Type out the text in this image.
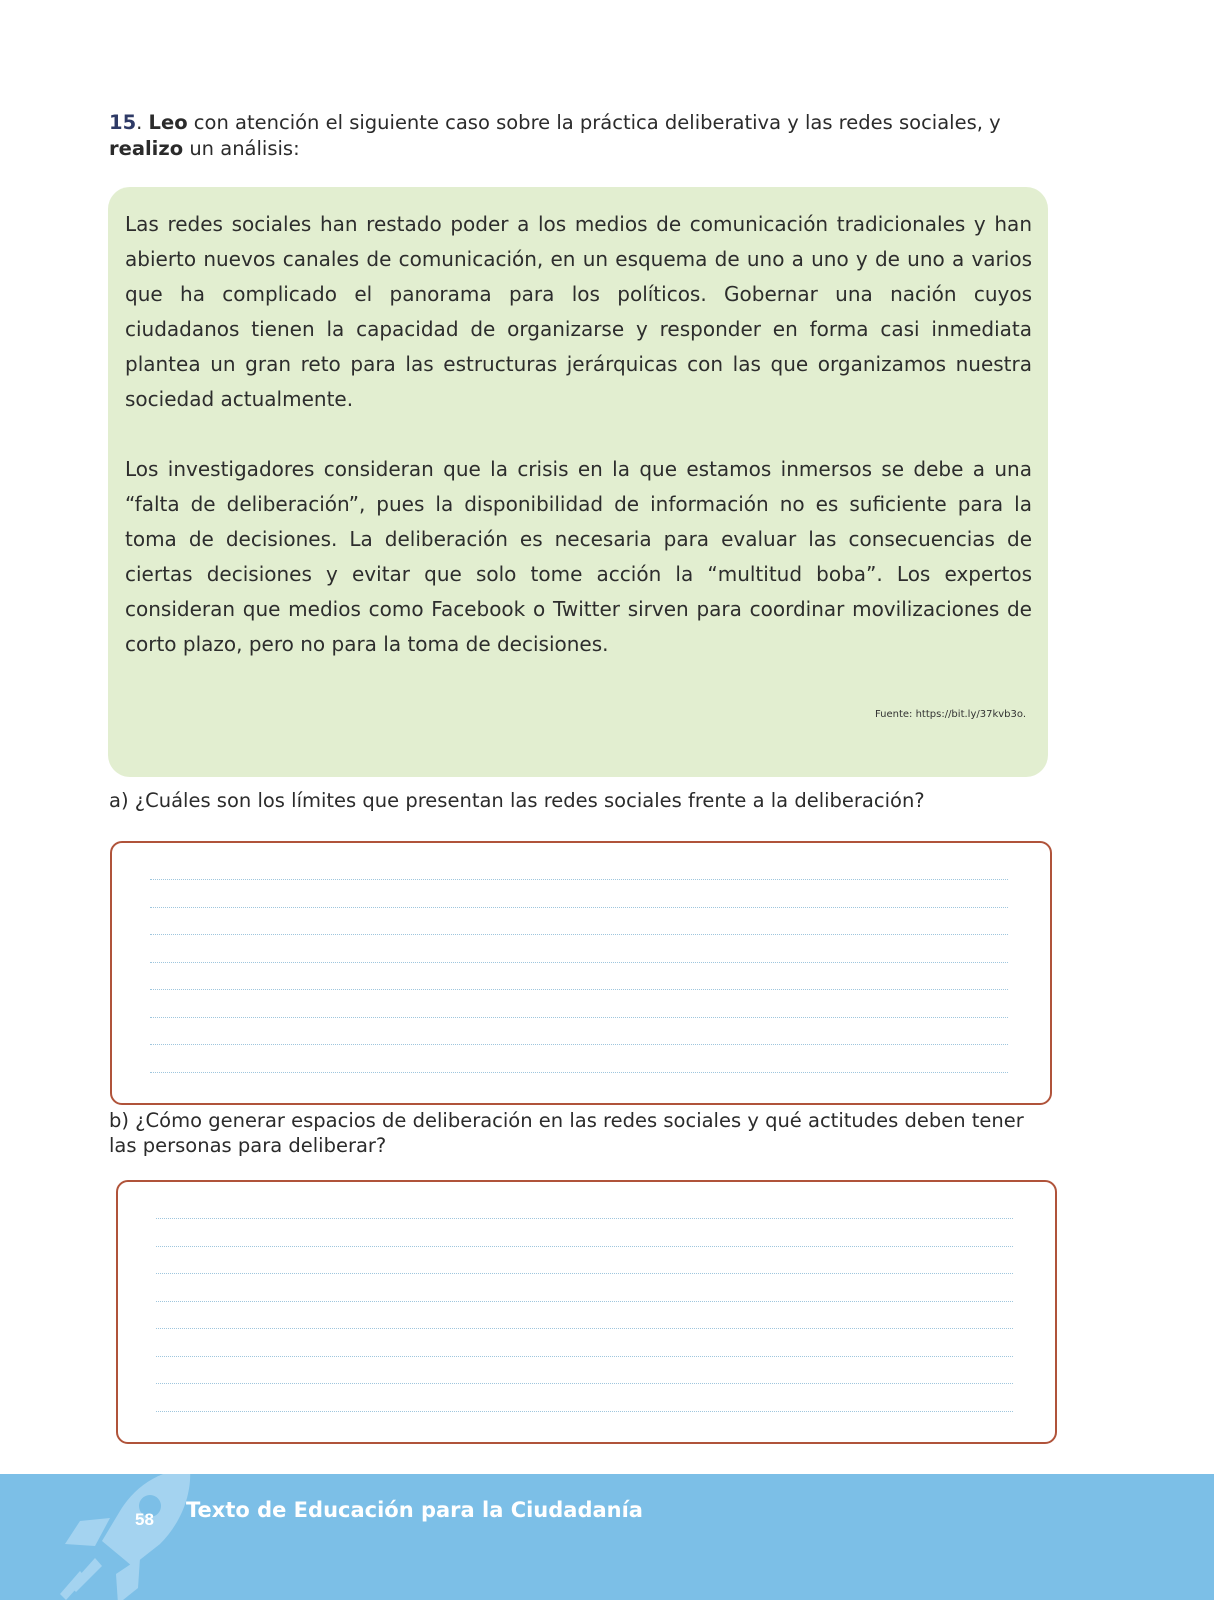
15. Leo con atención el siguiente caso sobre la práctica deliberativa y las redes sociales, y realizo un análisis:

Las redes sociales han restado poder a los medios de comunicación tradicionales y han abierto nuevos canales de comunicación, en un esquema de uno a uno y de uno a varios que ha complicado el panorama para los políticos. Gobernar una nación cuyos ciudadanos tienen la capacidad de organizarse y responder en forma casi inmediata plantea un gran reto para las estructuras jerárquicas con las que organizamos nuestra sociedad actualmente.

Los investigadores consideran que la crisis en la que estamos inmersos se debe a una “falta de deliberación”, pues la disponibilidad de información no es suficiente para la toma de decisiones. La deliberación es necesaria para evaluar las consecuencias de ciertas decisiones y evitar que solo tome acción la “multitud boba”. Los expertos consideran que medios como Facebook o Twitter sirven para coordinar movilizaciones de corto plazo, pero no para la toma de decisiones.

Fuente: https://bit.ly/37kvb3o.

a) ¿Cuáles son los límites que presentan las redes sociales frente a la deliberación?

b) ¿Cómo generar espacios de deliberación en las redes sociales y qué actitudes deben tener las personas para deliberar?

58 Texto de Educación para la Ciudadanía
